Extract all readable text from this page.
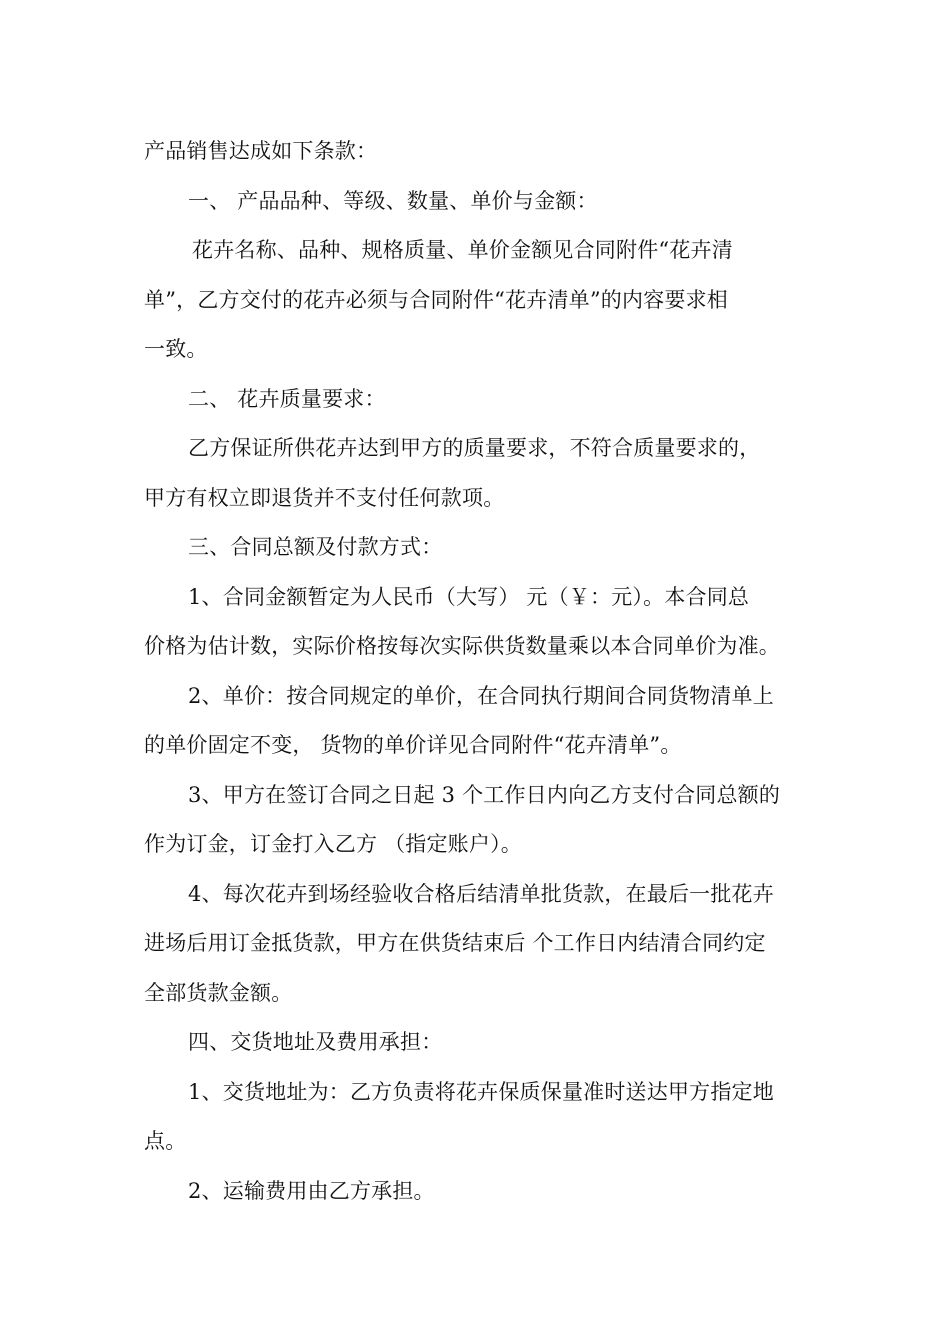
产品销售达成如下条款：
一、 产品品种、等级、数量、单价与金额：
花卉名称、品种、规格质量、单价金额见合同附件“花卉清
单”，乙方交付的花卉必须与合同附件“花卉清单”的内容要求相
一致。
二、 花卉质量要求：
乙方保证所供花卉达到甲方的质量要求，不符合质量要求的，
甲方有权立即退货并不支付任何款项。
三、合同总额及付款方式：
1、合同金额暂定为人民币（大写） 元（￥：元）。本合同总
价格为估计数，实际价格按每次实际供货数量乘以本合同单价为准。
2、单价：按合同规定的单价，在合同执行期间合同货物清单上
的单价固定不变， 货物的单价详见合同附件“花卉清单”。
3、甲方在签订合同之日起 3 个工作日内向乙方支付合同总额的
作为订金，订金打入乙方 （指定账户）。
4、每次花卉到场经验收合格后结清单批货款，在最后一批花卉
进场后用订金抵货款，甲方在供货结束后 个工作日内结清合同约定
全部货款金额。
四、交货地址及费用承担：
1、交货地址为：乙方负责将花卉保质保量准时送达甲方指定地
点。
2、运输费用由乙方承担。
